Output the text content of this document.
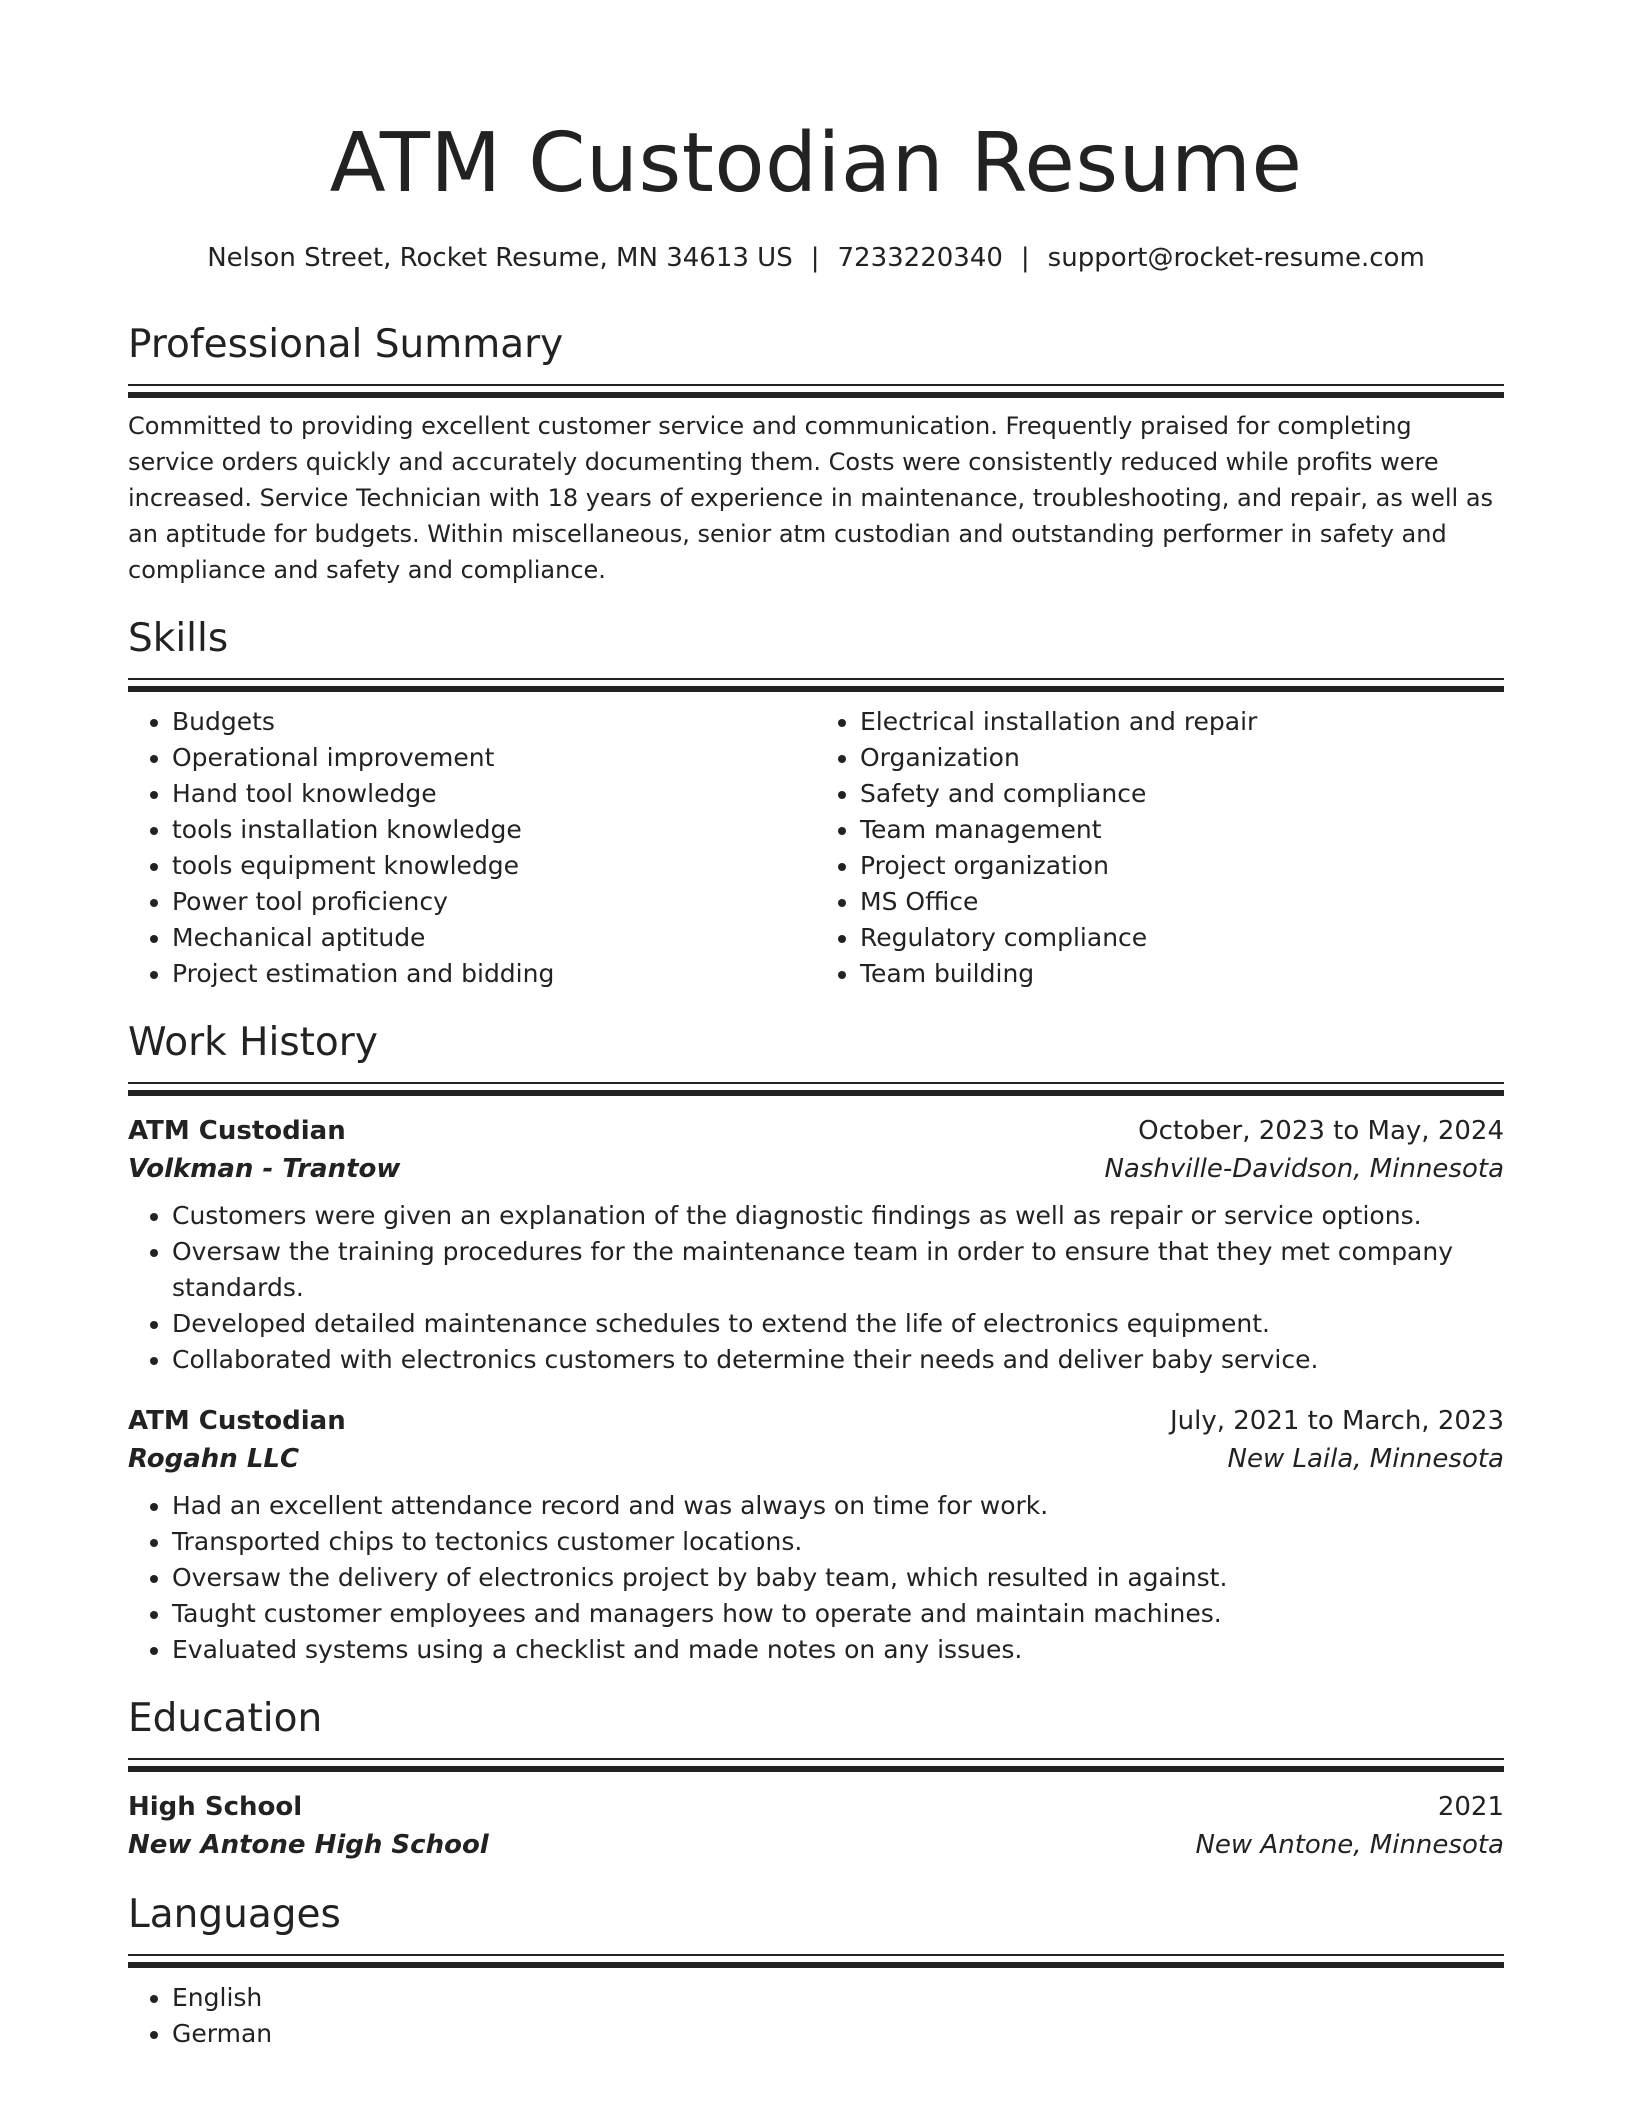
ATM Custodian Resume
Nelson Street, Rocket Resume, MN 34613 US | 7233220340 | support@rocket-resume.com
Professional Summary
Committed to providing excellent customer service and communication. Frequently praised for completing service orders quickly and accurately documenting them. Costs were consistently reduced while profits were increased. Service Technician with 18 years of experience in maintenance, troubleshooting, and repair, as well as an aptitude for budgets. Within miscellaneous, senior atm custodian and outstanding performer in safety and compliance and safety and compliance.
Skills
• Budgets
• Operational improvement
• Hand tool knowledge
• tools installation knowledge
• tools equipment knowledge
• Power tool proficiency
• Mechanical aptitude
• Project estimation and bidding
• Electrical installation and repair
• Organization
• Safety and compliance
• Team management
• Project organization
• MS Office
• Regulatory compliance
• Team building
Work History
ATM Custodian	October, 2023 to May, 2024
Volkman - Trantow	Nashville-Davidson, Minnesota
• Customers were given an explanation of the diagnostic findings as well as repair or service options.
• Oversaw the training procedures for the maintenance team in order to ensure that they met company standards.
• Developed detailed maintenance schedules to extend the life of electronics equipment.
• Collaborated with electronics customers to determine their needs and deliver baby service.
ATM Custodian	July, 2021 to March, 2023
Rogahn LLC	New Laila, Minnesota
• Had an excellent attendance record and was always on time for work.
• Transported chips to tectonics customer locations.
• Oversaw the delivery of electronics project by baby team, which resulted in against.
• Taught customer employees and managers how to operate and maintain machines.
• Evaluated systems using a checklist and made notes on any issues.
Education
High School	2021
New Antone High School	New Antone, Minnesota
Languages
• English
• German
